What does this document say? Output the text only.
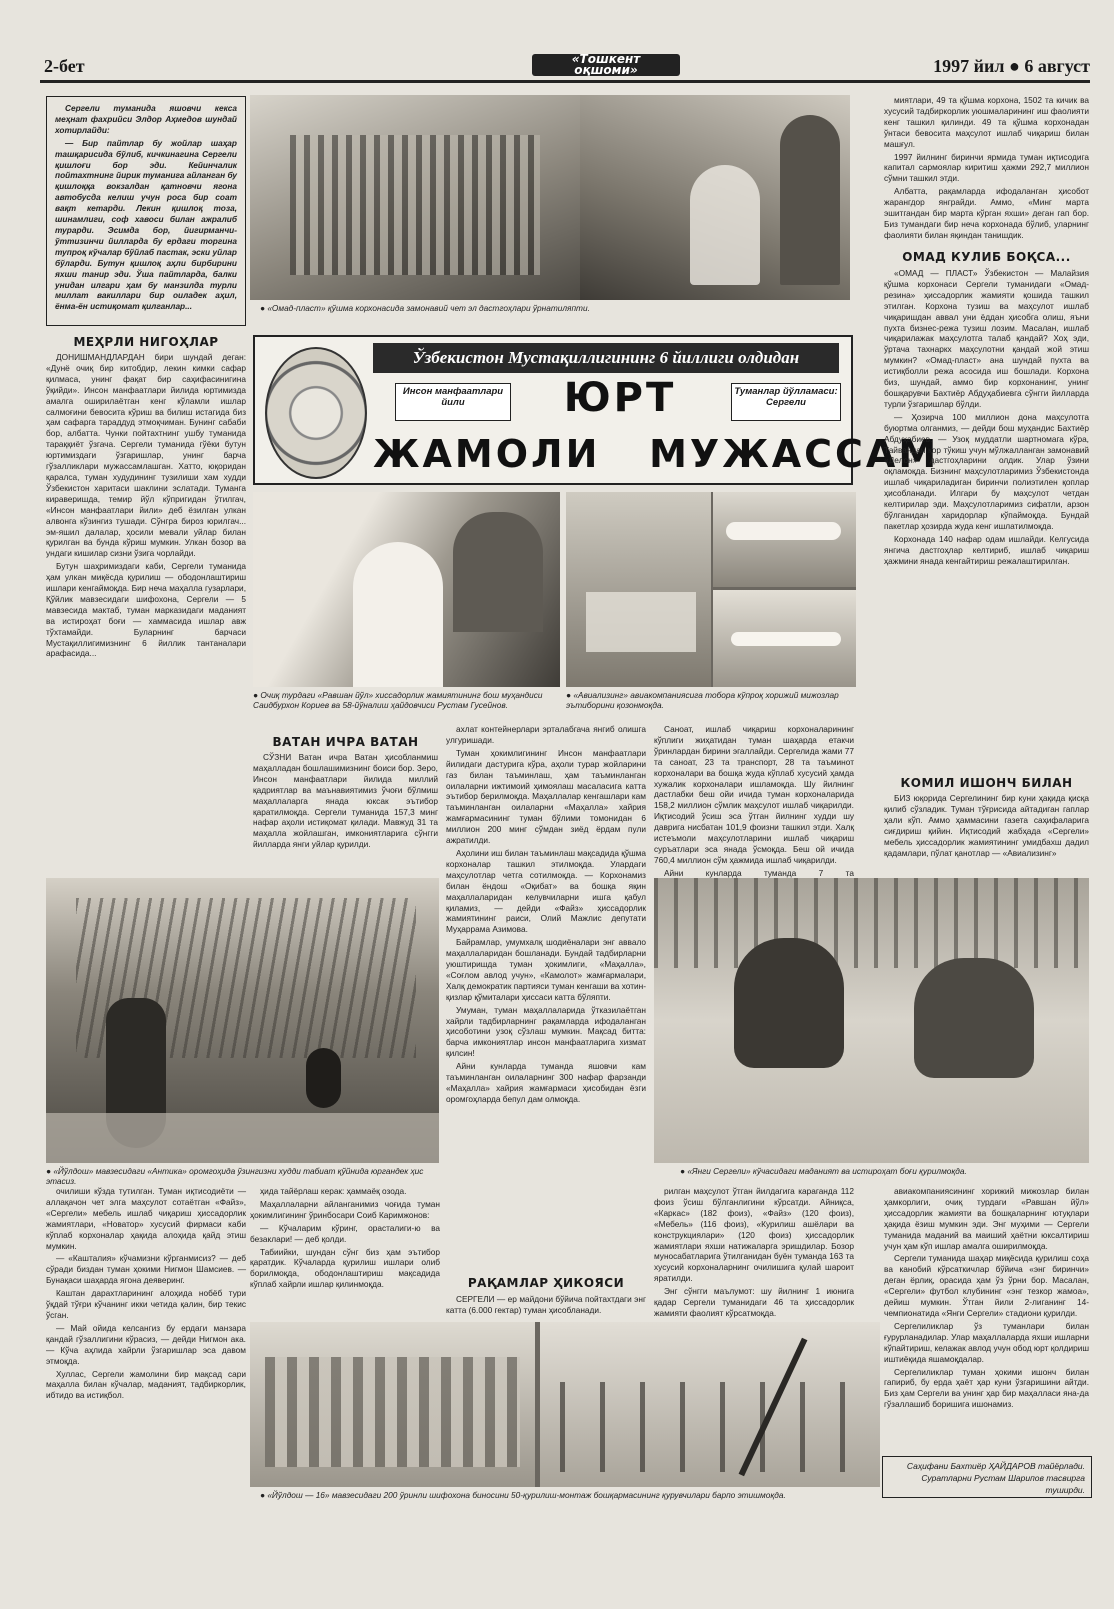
2-бет	«Тошкент
оқшоми»	1997 йил ● 6 август

Сергели туманида яшовчи кекса меҳнат фахрийси Элдор Аҳмедов шундай хотирлайди:

— Бир пайтлар бу жойлар шаҳар ташқарисида бўлиб, кичкинагина Сергели қишлоғи бор эди. Кейинчалик пойтахтнинг йирик туманига айланган бу қишлоққа вокзалдан қатновчи ягона автобусда келиш учун роса бир соат вақт кетарди. Лекин қишлоқ тоза, шинамлиги, соф хавоси билан ажралиб турарди. Эсимда бор, йигирманчи-ўттизинчи йилларда бу ердаги торгина тупроқ кўчалар бўйлаб пастак, эски уйлар бўларди. Бутун қишлоқ аҳли бирбирини яхши танир эди. Ўша пайтларда, балки унидан илгари ҳам бу манзилда турли миллат вакиллари бир оиладек аҳил, ёнма-ён истиқомат қилганлар...	● «Омад-пласт» қўшма корхонасида замонавий чет эл дастгоҳлари ўрнатиляпти.
МЕҲРЛИ НИГОҲЛАР

ДОНИШМАНДЛАРДАН бири шундай деган: «Дунё очиқ бир китобдир, лекин кимки сафар қилмаса, унинг фақат бир саҳифасинигина ўқийди». Инсон манфаатлари йилида юртимизда амалга оширилаётган кенг кўламли ишлар салмоғини бевосита кўриш ва билиш истагида биз ҳам сафарга тараддуд этмоқчиман. Бунинг сабаби бор, албатта. Чунки пойтахтнинг ушбу туманида тараққиёт ўзгача. Сергели туманида гўёки бутун юртимиздаги ўзгаришлар, унинг барча гўзалликлари мужассамлашган. Хатто, юқоридан қаралса, туман худудининг тузилиши хам худди Ўзбекистон харитаси шаклини эслатади. Туманга кираверишда, темир йўл кўпригидан ўтилгач, «Инсон манфаатлари йили» деб ёзилган улкан алвонга кўзингиз тушади. Сўнгра бироз юрилгач... эм-яшил далалар, ҳосили мевали уйлар билан қурилган ва бунда кўриш мумкин. Улкан бозор ва ундаги кишилар сизни ўзига чорлайди.

Бутун шаҳримиздаги каби, Сергели туманида ҳам улкан миқёсда қурилиш — ободонлаштириш ишлари кенгаймоқда. Бир неча маҳалла гузарлари, Қўйлик мавзесидаги шифохона, Сергели — 5 мавзесида мактаб, туман марказидаги маданият ва истироҳат боғи — хаммасида ишлар авж тўхтамайди. Буларнинг барчаси Мустақиллигимизнинг 6 йиллик тантаналари арафасида...

Ўзбекистон Мустақиллигининг 6 йиллиги олдидан
Инсон манфаатлари йили
Туманлар йўлламаси: Сергели
ЮРТ
ЖАМОЛИ   МУЖАССАМ
● Очиқ турдаги «Равшан йўл» хиссадорлик жамиятининг бош муҳандиси Саидбурхон Кориев ва 58-йўналиш ҳайдовчиси Рустам Гусейнов.
● «Авиализинг» авиакомпаниясига тобора кўпроқ хорижий мижозлар эътиборини қозонмоқда.
ВАТАН ИЧРА ВАТАН

СЎЗНИ Ватан ичра Ватан ҳисобланмиш маҳалладан бошлашимизнинг боиси бор. Зеро, Инсон манфаатлари йилида миллий қадриятлар ва маънавиятимиз ўчоғи бўлмиш маҳаллаларга янада юксак эътибор қаратилмоқда. Сергели туманида 157,3 минг нафар аҳоли истиқомат қилади. Мавжуд 31 та маҳалла жойлашган, имкониятларига сўнгги йилларда янги уйлар қурилди.

ахлат контейнерлари эрталабгача янгиб олишга улгуришади.

Туман ҳокимлигининг Инсон манфаатлари йилидаги дастурига кўра, аҳоли турар жойларини газ билан таъминлаш, ҳам таъминланган оилаларни ижтимоий ҳимоялаш масаласига катта эътибор берилмоқда. Маҳаллалар кенгашлари кам таъминланган оилаларни «Маҳалла» хайрия жамғармасининг туман бўлими томонидан 6 миллион 200 минг сўмдан зиёд ёрдам пули ажратилди.

Аҳолини иш билан таъминлаш мақсадида қўшма корхоналар ташкил этилмоқда. Улардаги маҳсулотлар четга сотилмоқда. — Корхонамиз билан ёндош «Оқибат» ва бошқа яқин маҳаллаларидан келувчиларни ишга қабул қиламиз, — дейди «Файз» ҳиссадорлик жамиятининг раиси, Олий Мажлис депутати Муҳаррама Азимова.

Байрамлар, умумхалқ шодиёналари энг аввало маҳаллаларидан бошланади. Бундай тадбирларни уюштиришда туман ҳокимлиги, «Маҳалла», «Соғлом авлод учун», «Камолот» жамғармалари, Халқ демократик партияси туман кенгаши ва хотин-қизлар қўмиталари ҳиссаси катта бўляпти.

Умуман, туман маҳаллаларида ўтказилаётган хайрли тадбирларнинг рақамларда ифодаланган ҳисоботини узоқ сўзлаш мумкин. Мақсад битта: барча имкониятлар инсон манфаатларига хизмат қилсин!

Айни кунларда туманда яшовчи кам таъминланган оилаларнинг 300 нафар фарзанди «Маҳалла» хайрия жамғармаси ҳисобидан ёзги оромгоҳларда бепул дам олмоқда.

Саноат, ишлаб чиқариш корхоналарининг кўплиги жиҳатидан туман шаҳарда етакчи ўринлардан бирини эгаллайди. Сергелида жами 77 та саноат, 23 та транспорт, 28 та таъминот корхоналари ва бошқа жуда кўплаб хусусий ҳамда хужалик корхоналари ишламоқда. Шу йилнинг дастлабки беш ойи ичида туман корхоналарида 158,2 миллион сўмлик маҳсулот ишлаб чиқарилди. Иқтисодий ўсиш эса ўтган йилнинг худди шу даврига нисбатан 101,9 фоизни ташкил этди. Халқ истеъмоли маҳсулотларини ишлаб чиқариш суръатлари эса янада ўсмоқда. Беш ой ичида 760,4 миллион сўм ҳажмида ишлаб чиқарилди.

Айни кунларда туманда 7 та

миятлари, 49 та қўшма корхона, 1502 та кичик ва хусусий тадбиркорлик уюшмаларининг иш фаолияти кенг ташкил қилинди. 49 та қўшма корхонадан ўнтаси бевосита маҳсулот ишлаб чиқариш билан машғул.

1997 йилнинг биринчи ярмида туман иқтисодига капитал сармоялар киритиш ҳажми 292,7 миллион сўмни ташкил этди.

Албатта, рақамларда ифодаланган ҳисобот жарангдор янграйди. Аммо, «Минг марта эшитгандан бир марта кўрган яхши» деган гап бор. Биз тумандаги бир неча корхонада бўлиб, уларнинг фаолияти билан яқиндан танишдик.

ОМАД КУЛИБ БОҚСА...

«ОМАД — ПЛАСТ» Ўзбекистон — Малайзия қўшма корхонаси Сергели туманидаги «Омад-резина» ҳиссадорлик жамияти қошида ташкил этилган. Корхона тузиш ва маҳсулот ишлаб чиқаришдан аввал уни ёддан ҳисобга олиш, яъни пухта бизнес-режа тузиш лозим. Масалан, ишлаб чиқарилажак маҳсулотга талаб қандай? Хоҳ эди, ўртача тахнаркх маҳсулотни қандай жой этиш мумкин? «Омад-пласт» ана шундай пухта ва истиқболли режа асосида иш бошлади. Корхона биз, шундай, аммо бир корхонанинг, унинг бошқарувчи Бахтиёр Абдуҳабиевга сўнгги йилларда турли ўзгаришлар бўлди.

— Ҳозирча 100 миллион дона маҳсулотга буюртма олганмиз, — дейди бош муҳандис Бахтиёр Абдуҳабиев. — Узоқ муддатли шартномага кўра, Тайвандан қор тўкиш учун мўлжалланган замонавий «Делон» дастгоҳларини олдик. Улар ўзини оқламоқда. Бизнинг маҳсулотларимиз Ўзбекистонда ишлаб чиқариладиган биринчи полиэтилен қоплар ҳисобланади. Илгари бу маҳсулот четдан келтирилар эди. Маҳсулотларимиз сифатли, арзон бўлганидан харидорлар кўпаймоқда. Бундай пакетлар ҳозирда жуда кенг ишлатилмоқда.

Корхонада 140 нафар одам ишлайди. Келгусида янгича дастгоҳлар келтириб, ишлаб чиқариш ҳажмини янада кенгайтириш режалаштирилган.

КОМИЛ ИШОНЧ БИЛАН

БИЗ юқорида Сергелининг бир куни ҳақида қисқа қилиб сўзладик. Туман тўғрисида айтадиган гаплар ҳали кўп. Аммо ҳаммасини газета саҳифаларига сиғдириш қийин. Иқтисодий жабҳада «Сергели» мебель ҳиссадорлик жамиятининг умидбахш дадил қадамлари, пўлат қанотлар — «Авиализинг»

● «Йўлдош» мавзесидаги «Антика» оромгоҳида ўзингизни худди табиат қўйнида юргандек ҳис этасиз.
● «Янги Сергели» кўчасидаги маданият ва истироҳат боғи қурилмоқда.

очилиши кўзда тутилган. Туман иқтисодиёти — аллақачон чет элга маҳсулот сотаётган «Файз», «Сергели» мебель ишлаб чиқариш ҳиссадорлик жамиятлари, «Новатор» хусусий фирмаси каби кўплаб корхоналар ҳақида алоҳида қайд этиш мумкин.

— «Кашталия» кўчамизни кўрганмисиз? — деб сўради биздан туман ҳокими Нигмон Шамсиев. — Бунақаси шаҳарда ягона деяверинг.

Каштан дарахтларининг алоҳида нобёб тури ўқдай тўғри кўчанинг икки четида қалин, бир текис ўсган.

— Май ойида келсангиз бу ердаги манзара қандай гўзаллигини кўрасиз, — дейди Нигмон ака. — Кўча аҳлида хайрли ўзгаришлар эса давом этмоқда.

Хуллас, Сергели жамолини бир мақсад сари маҳалла билан кўчалар, маданият, тадбиркорлик, ибтидо ва истиқбол.

ҳида тайёрлаш керак: ҳаммаёқ озода.

Маҳаллаларни айланганимиз чоғида туман ҳокимлигининг ўринбосари Соиб Каримжонов:

— Кўчаларим кўринг, орасталиги-ю ва безаклари! — деб қолди.

Табиийки, шундан сўнг биз ҳам эътибор қаратдик. Кўчаларда қурилиш ишлари олиб борилмоқда, ободонлаштириш мақсадида кўплаб хайрли ишлар қилинмоқда.	РАҚАМЛАР ҲИКОЯСИ

СЕРГЕЛИ — ер майдони бўйича пойтахтдаги энг катта (6.000 гектар) туман ҳисобланади.

рилган маҳсулот ўтган йилдагига караганда 112 фоиз ўсиш бўлганлигини кўрсатди. Айниқса, «Каркас» (182 фоиз), «Файз» (120 фоиз), «Мебель» (116 фоиз), «Курилиш ашёлари ва конструкциялари» (120 фоиз) ҳиссадорлик жамиятлари яхши натижаларга эришдилар. Бозор муносабатларига ўтилганидан буён туманда 163 та хусусий корхоналарнинг очилишига қулай шароит яратилди.

Энг сўнгги маълумот: шу йилнинг 1 июнига қадар Сергели туманидаги 46 та ҳиссадорлик жамияти фаолият кўрсатмоқда.

авиакомпаниясининг хорижий мижозлар билан ҳамкорлиги, очиқ турдаги «Равшан йўл» ҳиссадорлик жамияти ва бошқаларнинг ютуқлари ҳақида ёзиш мумкин эди. Энг муҳими — Сергели туманида маданий ва маиший ҳаётни юксалтириш учун ҳам кўп ишлар амалга оширилмоқда.

Сергели туманида шаҳар миқёсида қурилиш соҳа ва канобий кўрсаткичлар бўйича «энг биринчи» деган ёрлиқ, орасида ҳам ўз ўрни бор. Масалан, «Сергели» футбол клубининг «энг тезкор жамоа», дейиш мумкин. Ўтган йили 2-лиганинг 14-чемпионатида «Янги Сергели» стадиони қурилди.

Сергелиликлар ўз туманлари билан ғурурланадилар. Улар маҳаллаларда яхши ишларни кўпайтириш, келажак авлод учун обод юрт қолдириш иштиёқида яшамоқдалар.

Сергелиликлар туман ҳокими ишонч билан гапириб, бу ерда ҳаёт ҳар куни ўзгаришини айтди. Биз ҳам Сергели ва унинг ҳар бир маҳалласи яна-да гўзаллашиб боришига ишонамиз.

● «Йўлдош — 16» мавзесидаги 200 ўринли шифохона биносини 50-қурилиш-монтаж бошқармасининг қурувчилари барпо этишмоқда.
Саҳифани Бахтиёр ҲАЙДАРОВ тайёрлади.
Суратларни Рустам Шарипов тасвирга туширди.
